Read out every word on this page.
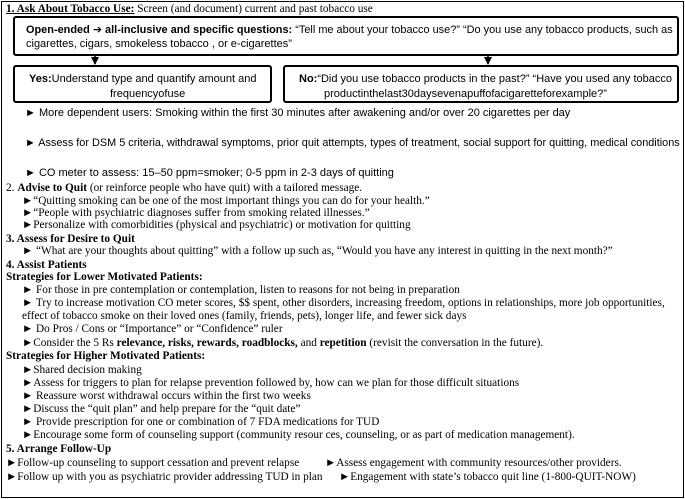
1. Ask About Tobacco Use: Screen (and document) current and past tobacco use
Open-ended ➔ all-inclusive and specific questions: “Tell me about your tobacco use?” “Do you use any tobacco products, such as
cigarettes, cigars, smokeless tobacco , or e-cigarettes”
Yes:Understand type and quantify amount and
frequencyofuse
No:“Did you use tobacco products in the past?” “Have you used any tobacco
productinthelast30daysevenapuffofacigaretteforexample?”
► More dependent users: Smoking within the first 30 minutes after awakening and/or over 20 cigarettes per day
► Assess for DSM 5 criteria, withdrawal symptoms, prior quit attempts, types of treatment, social support for quitting, medical conditions
► CO meter to assess: 15–50 ppm=smoker; 0-5 ppm in 2-3 days of quitting
2. Advise to Quit (or reinforce people who have quit) with a tailored message.
►“Quitting smoking can be one of the most important things you can do for your health.”
►“People with psychiatric diagnoses suffer from smoking related illnesses.”
►Personalize with comorbidities (physical and psychiatric) or motivation for quitting
3. Assess for Desire to Quit
► “What are your thoughts about quitting” with a follow up such as, “Would you have any interest in quitting in the next month?”
4. Assist Patients
Strategies for Lower Motivated Patients:
► For those in pre contemplation or contemplation, listen to reasons for not being in preparation
► Try to increase motivation CO meter scores, $$ spent, other disorders, increasing freedom, options in relationships, more job opportunities,
effect of tobacco smoke on their loved ones (family, friends, pets), longer life, and fewer sick days
► Do Pros / Cons or “Importance” or “Confidence” ruler
►Consider the 5 Rs relevance, risks, rewards, roadblocks, and repetition (revisit the conversation in the future).
Strategies for Higher Motivated Patients:
►Shared decision making
►Assess for triggers to plan for relapse prevention followed by, how can we plan for those difficult situations
► Reassure worst withdrawal occurs within the first two weeks
►Discuss the “quit plan” and help prepare for the “quit date”
► Provide prescription for one or combination of 7 FDA medications for TUD
►Encourage some form of counseling support (community resour ces, counseling, or as part of medication management).
5. Arrange Follow-Up
►Follow-up counseling to support cessation and prevent relapse ►Assess engagement with community resources/other providers.
►Follow up with you as psychiatric provider addressing TUD in plan ►Engagement with state’s tobacco quit line (1-800-QUIT-NOW)
